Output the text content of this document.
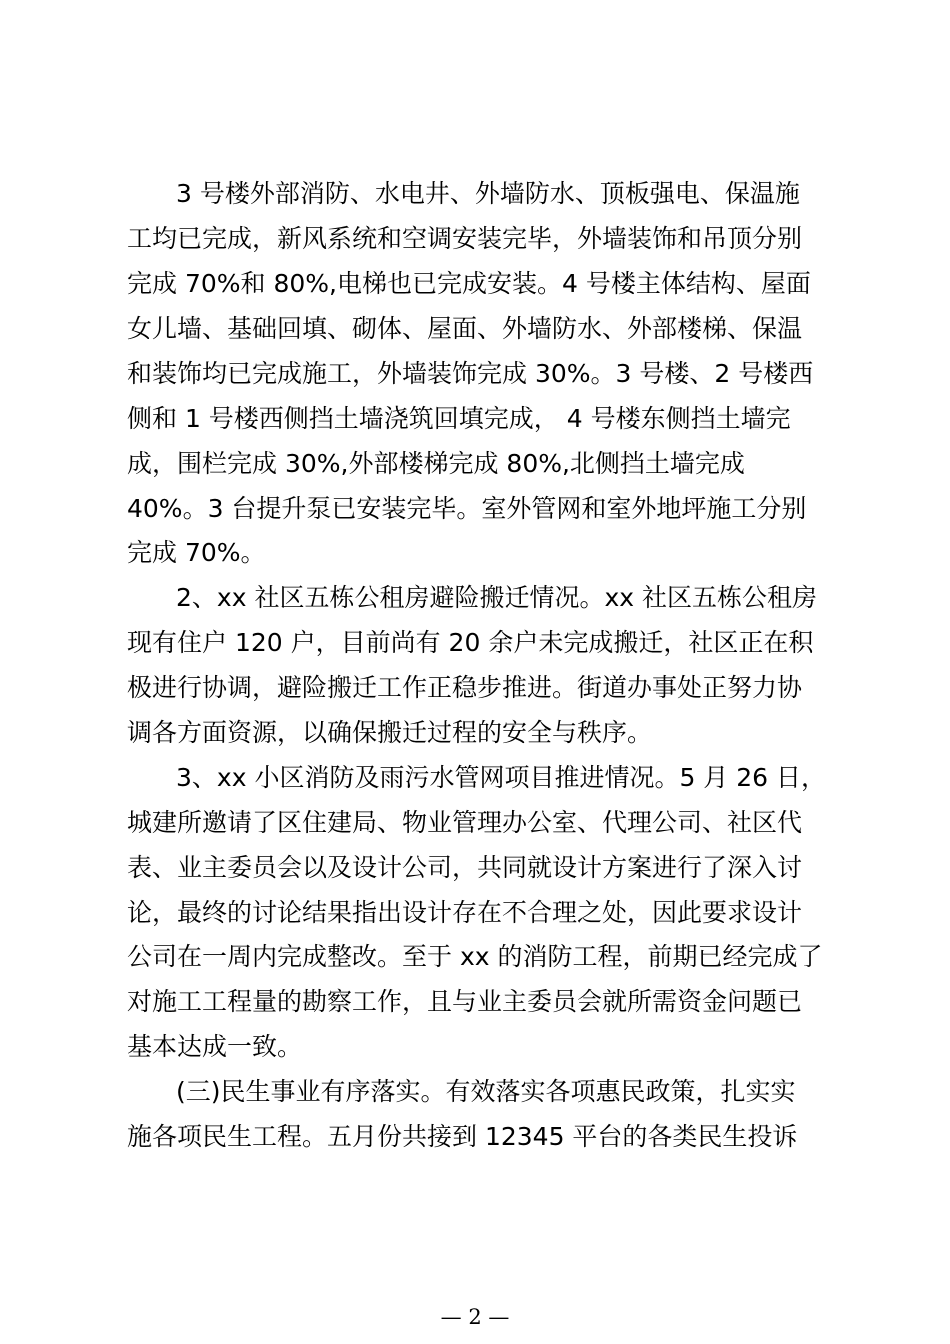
3 号楼外部消防、水电井、外墙防水、顶板强电、保温施
工均已完成，新风系统和空调安装完毕，外墙装饰和吊顶分别
完成 70%和 80%,电梯也已完成安装。4 号楼主体结构、屋面
女儿墙、基础回填、砌体、屋面、外墙防水、外部楼梯、保温
和装饰均已完成施工，外墙装饰完成 30%。3 号楼、2 号楼西
侧和 1 号楼西侧挡土墙浇筑回填完成， 4 号楼东侧挡土墙完
成，围栏完成 30%,外部楼梯完成 80%,北侧挡土墙完成
40%。3 台提升泵已安装完毕。室外管网和室外地坪施工分别
完成 70%。
2、xx 社区五栋公租房避险搬迁情况。xx 社区五栋公租房
现有住户 120 户，目前尚有 20 余户未完成搬迁，社区正在积
极进行协调，避险搬迁工作正稳步推进。街道办事处正努力协
调各方面资源，以确保搬迁过程的安全与秩序。
3、xx 小区消防及雨污水管网项目推进情况。5 月 26 日，
城建所邀请了区住建局、物业管理办公室、代理公司、社区代
表、业主委员会以及设计公司，共同就设计方案进行了深入讨
论，最终的讨论结果指出设计存在不合理之处，因此要求设计
公司在一周内完成整改。至于 xx 的消防工程，前期已经完成了
对施工工程量的勘察工作，且与业主委员会就所需资金问题已
基本达成一致。
(三)民生事业有序落实。有效落实各项惠民政策，扎实实
施各项民生工程。五月份共接到 12345 平台的各类民生投诉
— 2 —
